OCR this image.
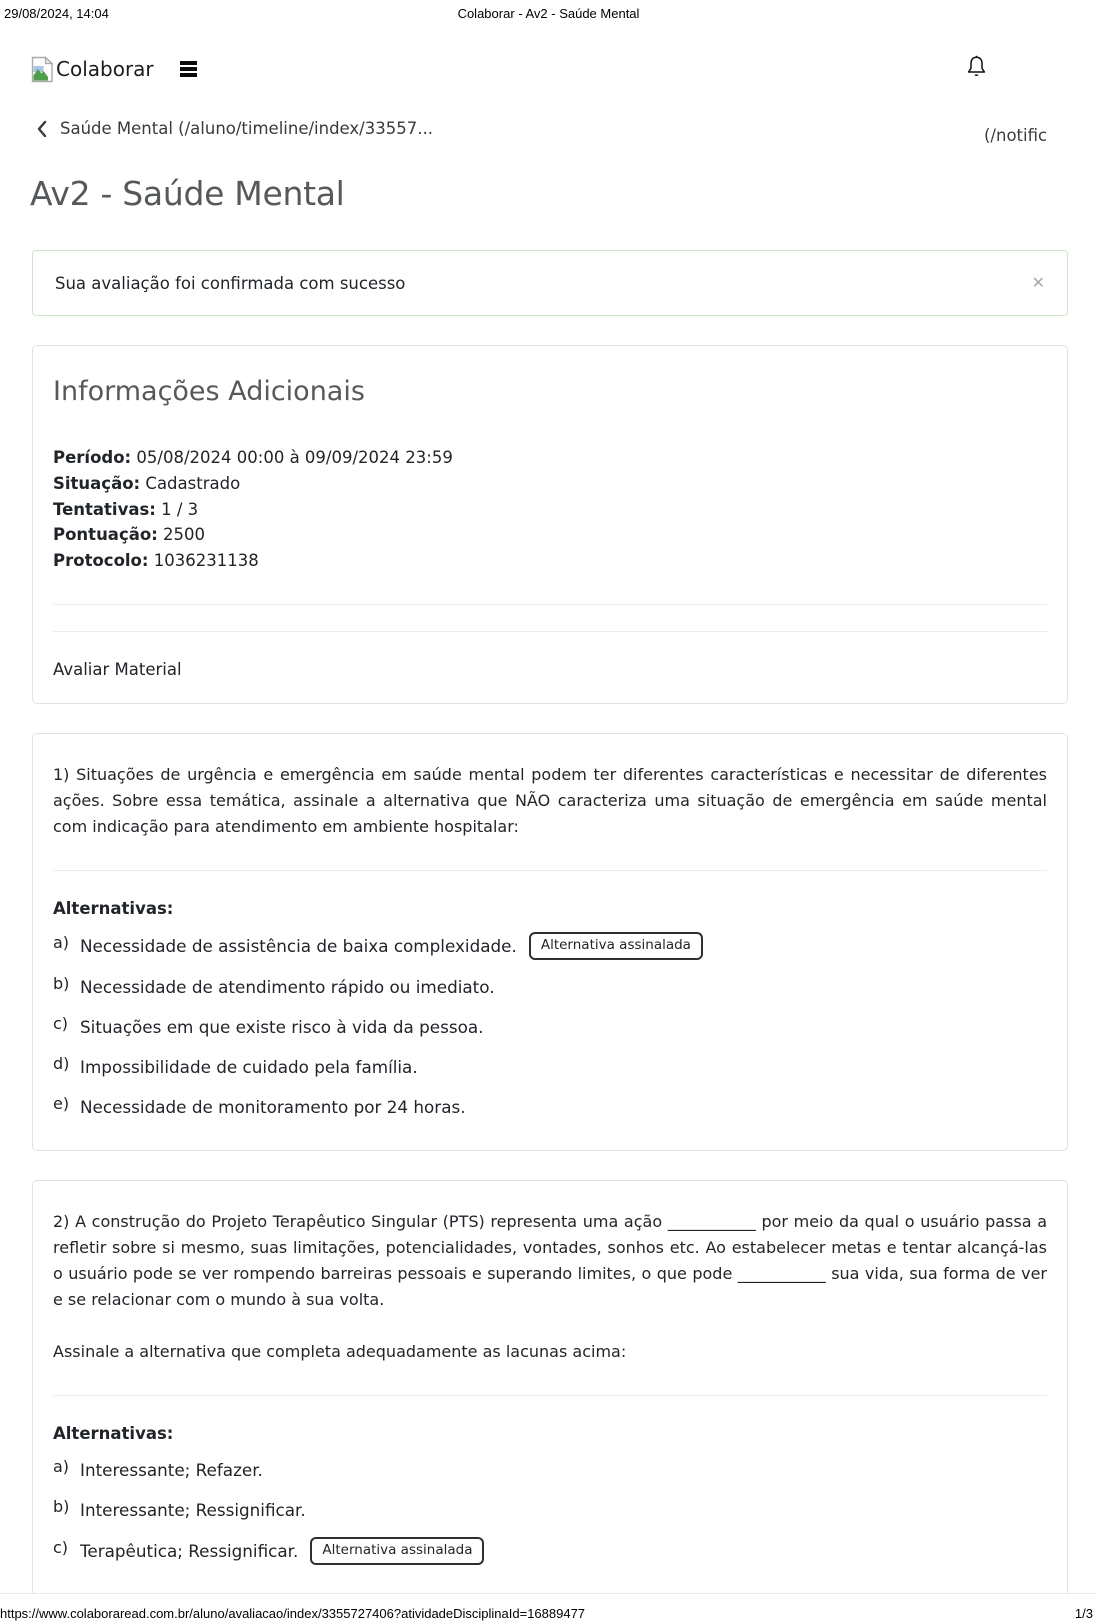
29/08/2024, 14:04	Colaborar - Av2 - Saúde Mental
Colaborar
(/notific
Saúde Mental (/aluno/timeline/index/33557...
Av2 - Saúde Mental
Sua avaliação foi confirmada com sucesso	✕
Informações Adicionais
Período: 05/08/2024 00:00 à 09/09/2024 23:59
Situação: Cadastrado
Tentativas: 1 / 3
Pontuação: 2500
Protocolo: 1036231138
Avaliar Material

1) Situações de urgência e emergência em saúde mental podem ter diferentes características e necessitar de diferentes ações. Sobre essa temática, assinale a alternativa que NÃO caracteriza uma situação de emergência em saúde mental com indicação para atendimento em ambiente hospitalar:

Alternativas:
a) Necessidade de assistência de baixa complexidade.	Alternativa assinalada
b) Necessidade de atendimento rápido ou imediato.
c) Situações em que existe risco à vida da pessoa.
d) Impossibilidade de cuidado pela família.
e) Necessidade de monitoramento por 24 horas.

2) A construção do Projeto Terapêutico Singular (PTS) representa uma ação ___________ por meio da qual o usuário passa a refletir sobre si mesmo, suas limitações, potencialidades, vontades, sonhos etc. Ao estabelecer metas e tentar alcançá-las o usuário pode se ver rompendo barreiras pessoais e superando limites, o que pode ___________ sua vida, sua forma de ver e se relacionar com o mundo à sua volta.

Assinale a alternativa que completa adequadamente as lacunas acima:

Alternativas:
a) Interessante; Refazer.
b) Interessante; Ressignificar.
c) Terapêutica; Ressignificar.	Alternativa assinalada
https://www.colaboraread.com.br/aluno/avaliacao/index/3355727406?atividadeDisciplinaId=16889477	1/3
